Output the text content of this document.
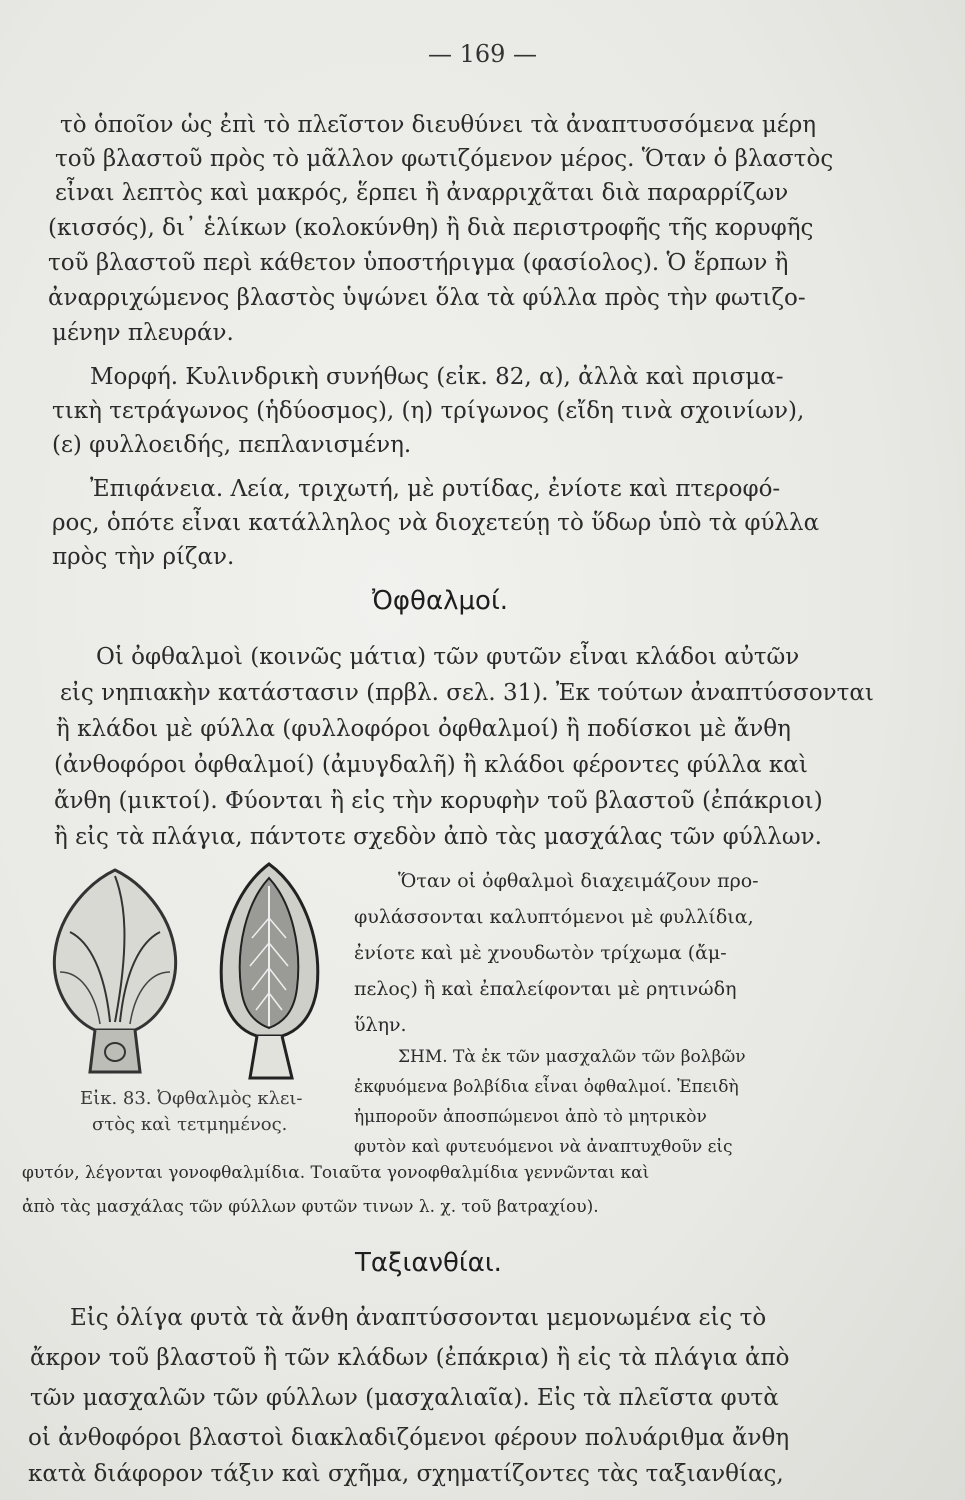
— 169 —
τὸ ὁποῖον ὡς ἐπὶ τὸ πλεῖστον διευθύνει τὰ ἀναπτυσσόμενα μέρη
τοῦ βλαστοῦ πρὸς τὸ μᾶλλον φωτιζόμενον μέρος. Ὅταν ὁ βλαστὸς
εἶναι λεπτὸς καὶ μακρός, ἕρπει ἢ ἀναρριχᾶται διὰ παραρρίζων
(κισσός), δι᾿ ἑλίκων (κολοκύνθη) ἢ διὰ περιστροφῆς τῆς κορυφῆς
τοῦ βλαστοῦ περὶ κάθετον ὑποστήριγμα (φασίολος). Ὁ ἕρπων ἢ
ἀναρριχώμενος βλαστὸς ὑψώνει ὅλα τὰ φύλλα πρὸς τὴν φωτιζο-
μένην πλευράν.
Μορφή. Κυλινδρικὴ συνήθως (εἰκ. 82, α), ἀλλὰ καὶ πρισμα-
τικὴ τετράγωνος (ἡδύοσμος), (η) τρίγωνος (εἴδη τινὰ σχοινίων),
(ε) φυλλοειδής, πεπλανισμένη.
Ἐπιφάνεια. Λεία, τριχωτή, μὲ ρυτίδας, ἐνίοτε καὶ πτεροφό-
ρος, ὁπότε εἶναι κατάλληλος νὰ διοχετεύῃ τὸ ὕδωρ ὑπὸ τὰ φύλλα
πρὸς τὴν ρίζαν.
Ὀφθαλμοί.
Οἱ ὀφθαλμοὶ (κοινῶς μάτια) τῶν φυτῶν εἶναι κλάδοι αὐτῶν
εἰς νηπιακὴν κατάστασιν (πρβλ. σελ. 31). Ἐκ τούτων ἀναπτύσσονται
ἢ κλάδοι μὲ φύλλα (φυλλοφόροι ὀφθαλμοί) ἢ ποδίσκοι μὲ ἄνθη
(ἀνθοφόροι ὀφθαλμοί) (ἀμυγδαλῆ) ἢ κλάδοι φέροντες φύλλα καὶ
ἄνθη (μικτοί). Φύονται ἢ εἰς τὴν κορυφὴν τοῦ βλαστοῦ (ἐπάκριοι)
ἢ εἰς τὰ πλάγια, πάντοτε σχεδὸν ἀπὸ τὰς μασχάλας τῶν φύλλων.
Εἰκ. 83. Ὀφθαλμὸς κλει-
στὸς καὶ τετμημένος.
Ὅταν οἱ ὀφθαλμοὶ διαχειμάζουν προ-
φυλάσσονται καλυπτόμενοι μὲ φυλλίδια,
ἐνίοτε καὶ μὲ χνουδωτὸν τρίχωμα (ἄμ-
πελος) ἢ καὶ ἐπαλείφονται μὲ ρητινώδη
ὕλην.
ΣΗΜ. Τὰ ἐκ τῶν μασχαλῶν τῶν βολβῶν
ἐκφυόμενα βολβίδια εἶναι ὀφθαλμοί. Ἐπειδὴ
ἠμποροῦν ἀποσπώμενοι ἀπὸ τὸ μητρικὸν
φυτὸν καὶ φυτευόμενοι νὰ ἀναπτυχθοῦν εἰς
φυτόν, λέγονται γονοφθαλμίδια. Τοιαῦτα γονοφθαλμίδια γεννῶνται καὶ
ἀπὸ τὰς μασχάλας τῶν φύλλων φυτῶν τινων λ. χ. τοῦ βατραχίου).
Ταξιανθίαι.
Εἰς ὀλίγα φυτὰ τὰ ἄνθη ἀναπτύσσονται μεμονωμένα εἰς τὸ
ἄκρον τοῦ βλαστοῦ ἢ τῶν κλάδων (ἐπάκρια) ἢ εἰς τὰ πλάγια ἀπὸ
τῶν μασχαλῶν τῶν φύλλων (μασχαλιαῖα). Εἰς τὰ πλεῖστα φυτὰ
οἱ ἀνθοφόροι βλαστοὶ διακλαδιζόμενοι φέρουν πολυάριθμα ἄνθη
κατὰ διάφορον τάξιν καὶ σχῆμα, σχηματίζοντες τὰς ταξιανθίας,
